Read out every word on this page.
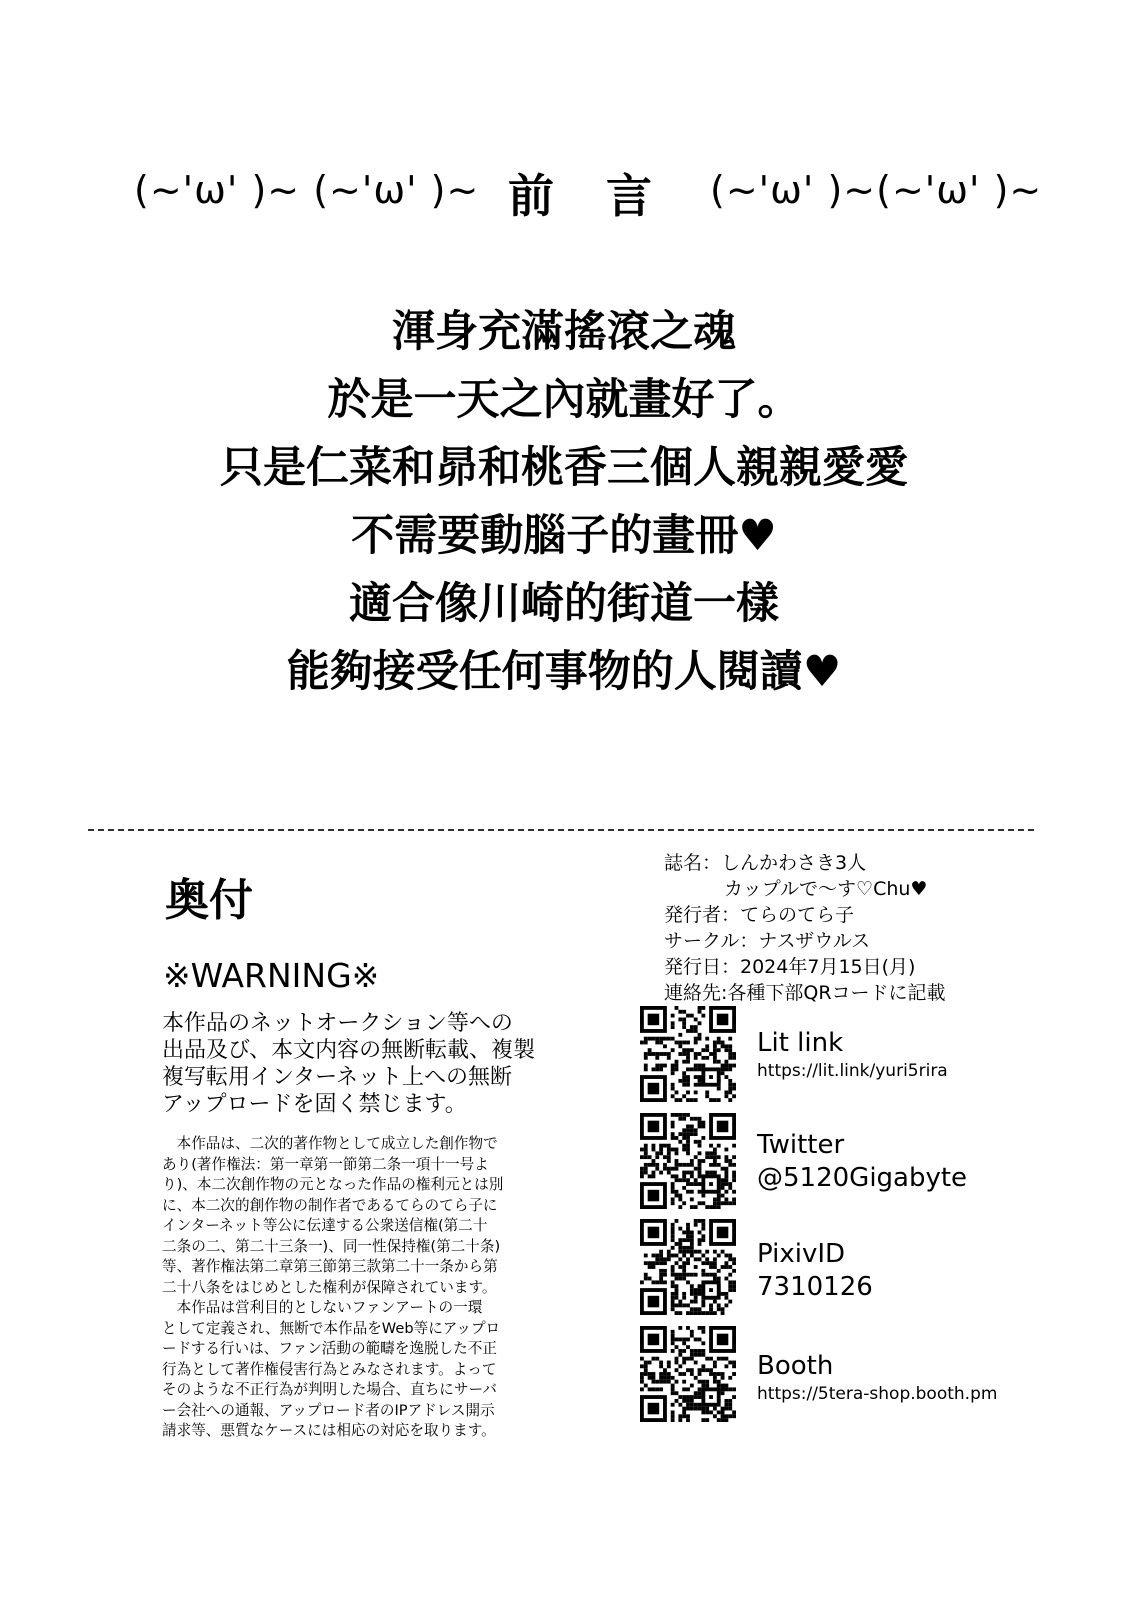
(~'ω' )~ (~'ω' )~ 前言 (~'ω' )~(~'ω' )~
渾身充滿搖滾之魂
於是一天之內就畫好了。
只是仁菜和昴和桃香三個人親親愛愛
不需要動腦子的畫冊♥
適合像川崎的街道一樣
能夠接受任何事物的人閱讀♥
奥付
※WARNING※
本作品のネットオークション等への
出品及び、本文内容の無断転載、複製
複写転用インターネット上への無断
アップロードを固く禁じます。
　本作品は、二次的著作物として成立した創作物で
あり(著作権法：第一章第一節第二条一項十一号よ
り)、本二次創作物の元となった作品の権利元とは別
に、本二次的創作物の制作者であるてらのてら子に
インターネット等公に伝達する公衆送信権(第二十
二条の二、第二十三条一)、同一性保持権(第二十条)
等、著作権法第二章第三節第三款第二十一条から第
二十八条をはじめとした権利が保障されています。
　本作品は営利目的としないファンアートの一環
として定義され、無断で本作品をWeb等にアップロ
ードする行いは、ファン活動の範疇を逸脱した不正
行為として著作権侵害行為とみなされます。よって
そのような不正行為が判明した場合、直ちにサーバ
ー会社への通報、アップロード者のIPアドレス開示
請求等、悪質なケースには相応の対応を取ります。
誌名：しんかわさき3人
カップルで～す♡Chu♥
発行者：てらのてら子
サークル：ナスザウルス
発行日：2024年7月15日(月)
連絡先:各種下部QRコードに記載
Lit link
https://lit.link/yuri5rira
Twitter
@5120Gigabyte
PixivID
7310126
Booth
https://5tera-shop.booth.pm
